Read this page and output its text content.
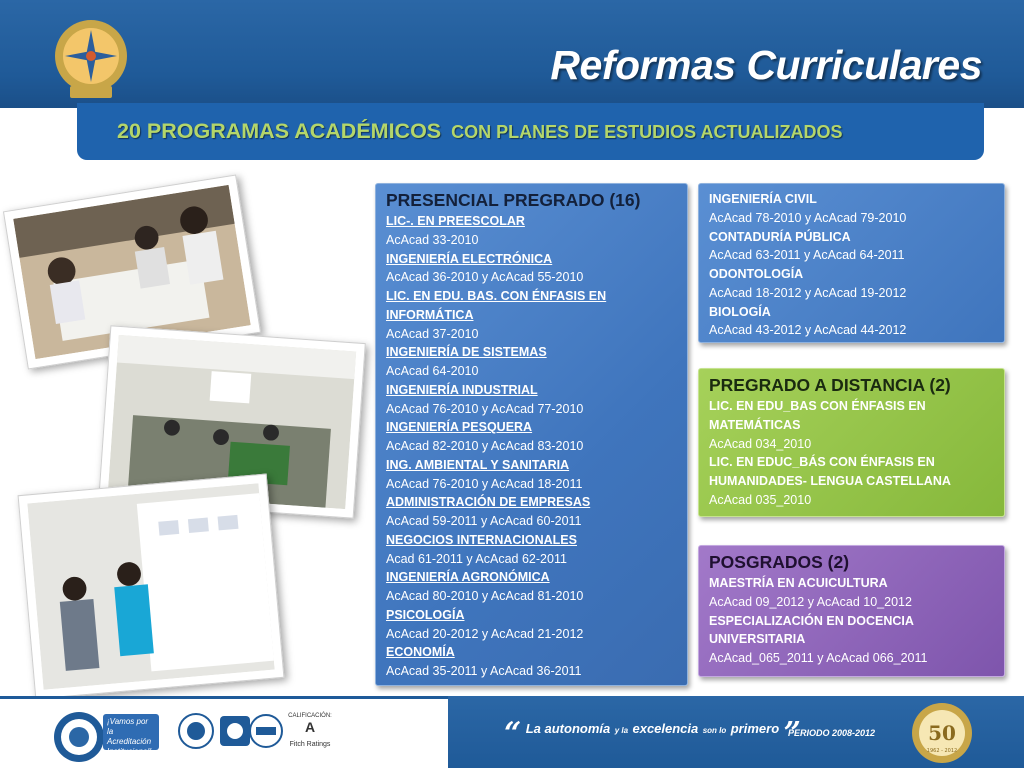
Reformas Curriculares
20 PROGRAMAS ACADÉMICOS CON PLANES DE ESTUDIOS ACTUALIZADOS
PRESENCIAL PREGRADO (16)
LIC-. EN PREESCOLAR
AcAcad 33-2010
INGENIERÍA ELECTRÓNICA
AcAcad 36-2010 y AcAcad 55-2010
LIC. EN EDU. BAS. CON ÉNFASIS EN
INFORMÁTICA
AcAcad 37-2010
INGENIERÍA DE SISTEMAS
AcAcad 64-2010
INGENIERÍA INDUSTRIAL
AcAcad 76-2010 y AcAcad 77-2010
INGENIERÍA PESQUERA
AcAcad 82-2010 y AcAcad 83-2010
ING. AMBIENTAL Y SANITARIA
AcAcad 76-2010 y AcAcad 18-2011
ADMINISTRACIÓN DE EMPRESAS
AcAcad 59-2011 y AcAcad 60-2011
NEGOCIOS INTERNACIONALES
Acad 61-2011 y AcAcad 62-2011
INGENIERÍA AGRONÓMICA
AcAcad 80-2010 y AcAcad 81-2010
PSICOLOGÍA
AcAcad 20-2012 y AcAcad 21-2012
ECONOMÍA
AcAcad 35-2011 y AcAcad 36-2011
INGENIERÍA CIVIL
AcAcad 78-2010 y AcAcad 79-2010
CONTADURÍA PÚBLICA
AcAcad 63-2011 y AcAcad 64-2011
ODONTOLOGÍA
AcAcad 18-2012 y AcAcad 19-2012
BIOLOGÍA
AcAcad 43-2012 y AcAcad 44-2012
PREGRADO A DISTANCIA (2)
LIC. EN EDU_BAS CON ÉNFASIS EN
MATEMÁTICAS
AcAcad 034_2010
LIC. EN EDUC_BÁS CON ÉNFASIS EN
HUMANIDADES- LENGUA CASTELLANA
AcAcad 035_2010
POSGRADOS (2)
MAESTRÍA EN ACUICULTURA
AcAcad 09_2012 y AcAcad 10_2012
ESPECIALIZACIÓN EN DOCENCIA
UNIVERSITARIA
AcAcad_065_2011 y AcAcad 066_2011
¡Vamos por la
Acreditación
Institucional!
CALIFICACIÓN:
A
Fitch Ratings	“ La autonomía y la excelencia son lo primero ”
PERIODO 2008-2012	50
1962 - 2012
